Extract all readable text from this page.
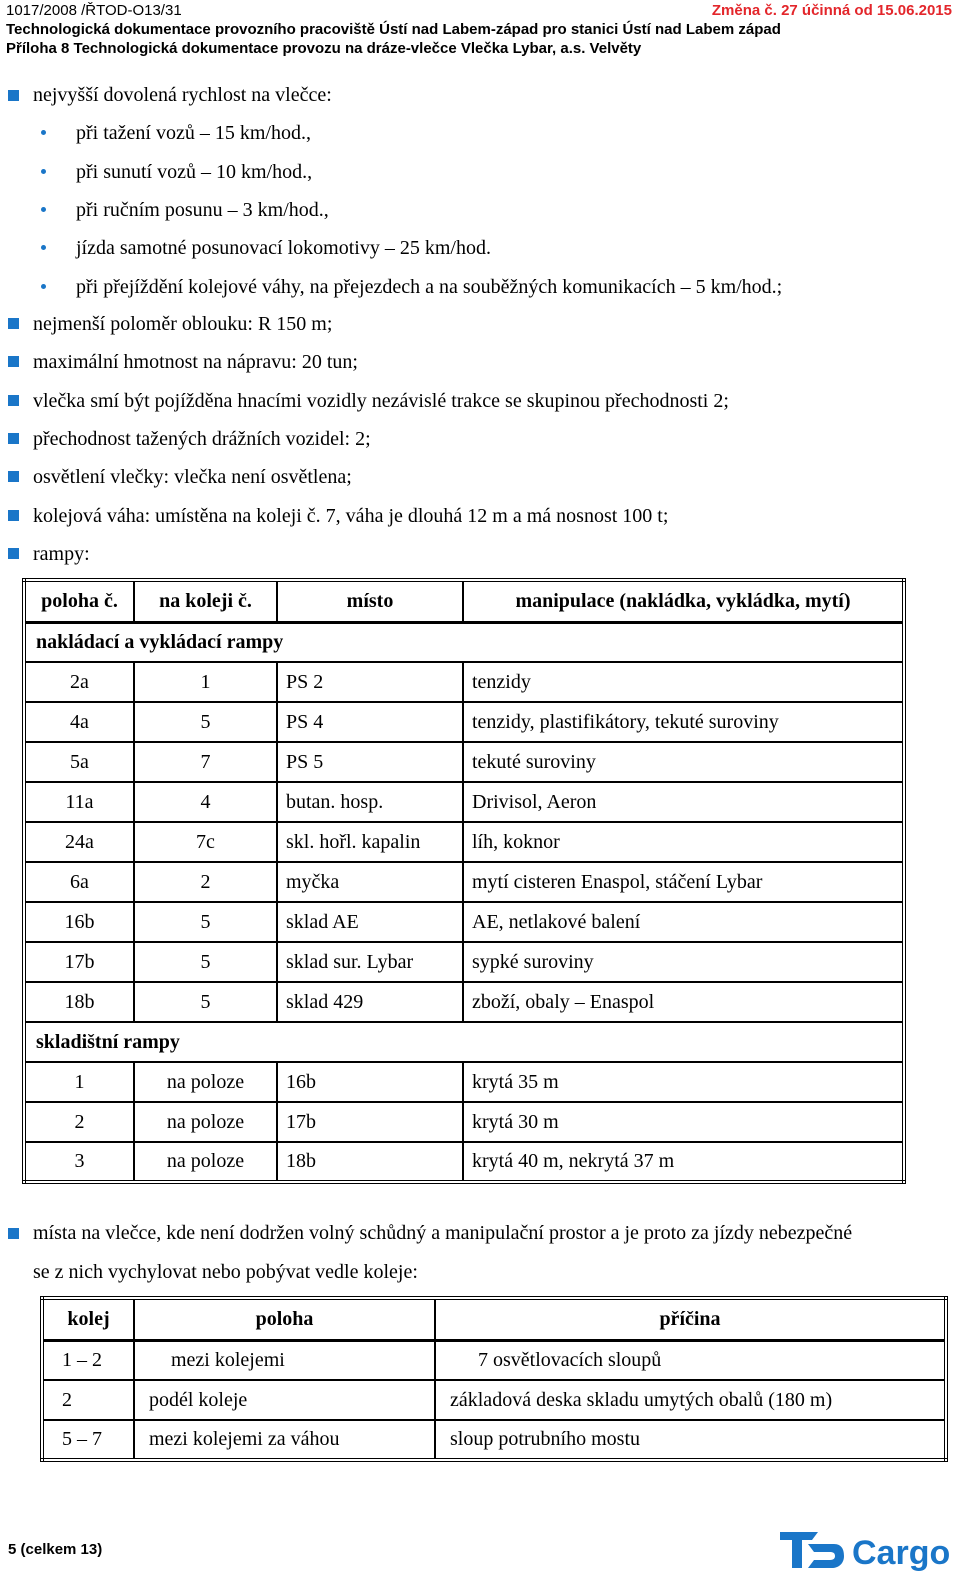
1017/2008 /ŘTOD-O13/31	Změna č. 27 účinná od 15.06.2015
Technologická dokumentace provozního pracoviště Ústí nad Labem-západ pro stanici Ústí nad Labem západ
Příloha 8 Technologická dokumentace provozu na dráze-vlečce Vlečka Lybar, a.s. Velvěty
nejvyšší dovolená rychlost na vlečce:
při tažení vozů – 15 km/hod.,
při sunutí vozů – 10 km/hod.,
při ručním posunu – 3 km/hod.,
jízda samotné posunovací lokomotivy – 25 km/hod.
při přejíždění kolejové váhy, na přejezdech a na souběžných komunikacích – 5 km/hod.;
nejmenší poloměr oblouku: R 150 m;
maximální hmotnost na nápravu: 20 tun;
vlečka smí být pojížděna hnacími vozidly nezávislé trakce se skupinou přechodnosti 2;
přechodnost tažených drážních vozidel: 2;
osvětlení vlečky: vlečka není osvětlena;
kolejová váha: umístěna na koleji č. 7, váha je dlouhá 12 m a má nosnost 100 t;
rampy:
poloha č.	na koleji č.	místo	manipulace (nakládka, vykládka, mytí)
nakládací a vykládací rampy			
2a	1	PS 2	tenzidy
4a	5	PS 4	tenzidy, plastifikátory, tekuté suroviny
5a	7	PS 5	tekuté suroviny
11a	4	butan. hosp.	Drivisol, Aeron
24a	7c	skl. hořl. kapalin	líh, koknor
6a	2	myčka	mytí cisteren Enaspol, stáčení Lybar
16b	5	sklad AE	AE, netlakové balení
17b	5	sklad sur. Lybar	sypké suroviny
18b	5	sklad 429	zboží, obaly – Enaspol
skladištní rampy			
1	na poloze	16b	krytá 35 m
2	na poloze	17b	krytá 30 m
3	na poloze	18b	krytá 40 m, nekrytá 37 m
místa na vlečce, kde není dodržen volný schůdný a manipulační prostor a je proto za jízdy nebezpečné
se z nich vychylovat nebo pobývat vedle koleje:
kolej	poloha	příčina
1 – 2	mezi kolejemi	7 osvětlovacích sloupů
2	podél koleje	základová deska skladu umytých obalů (180 m)
5 – 7	mezi kolejemi za váhou	sloup potrubního mostu
5 (celkem 13)	Cargo
